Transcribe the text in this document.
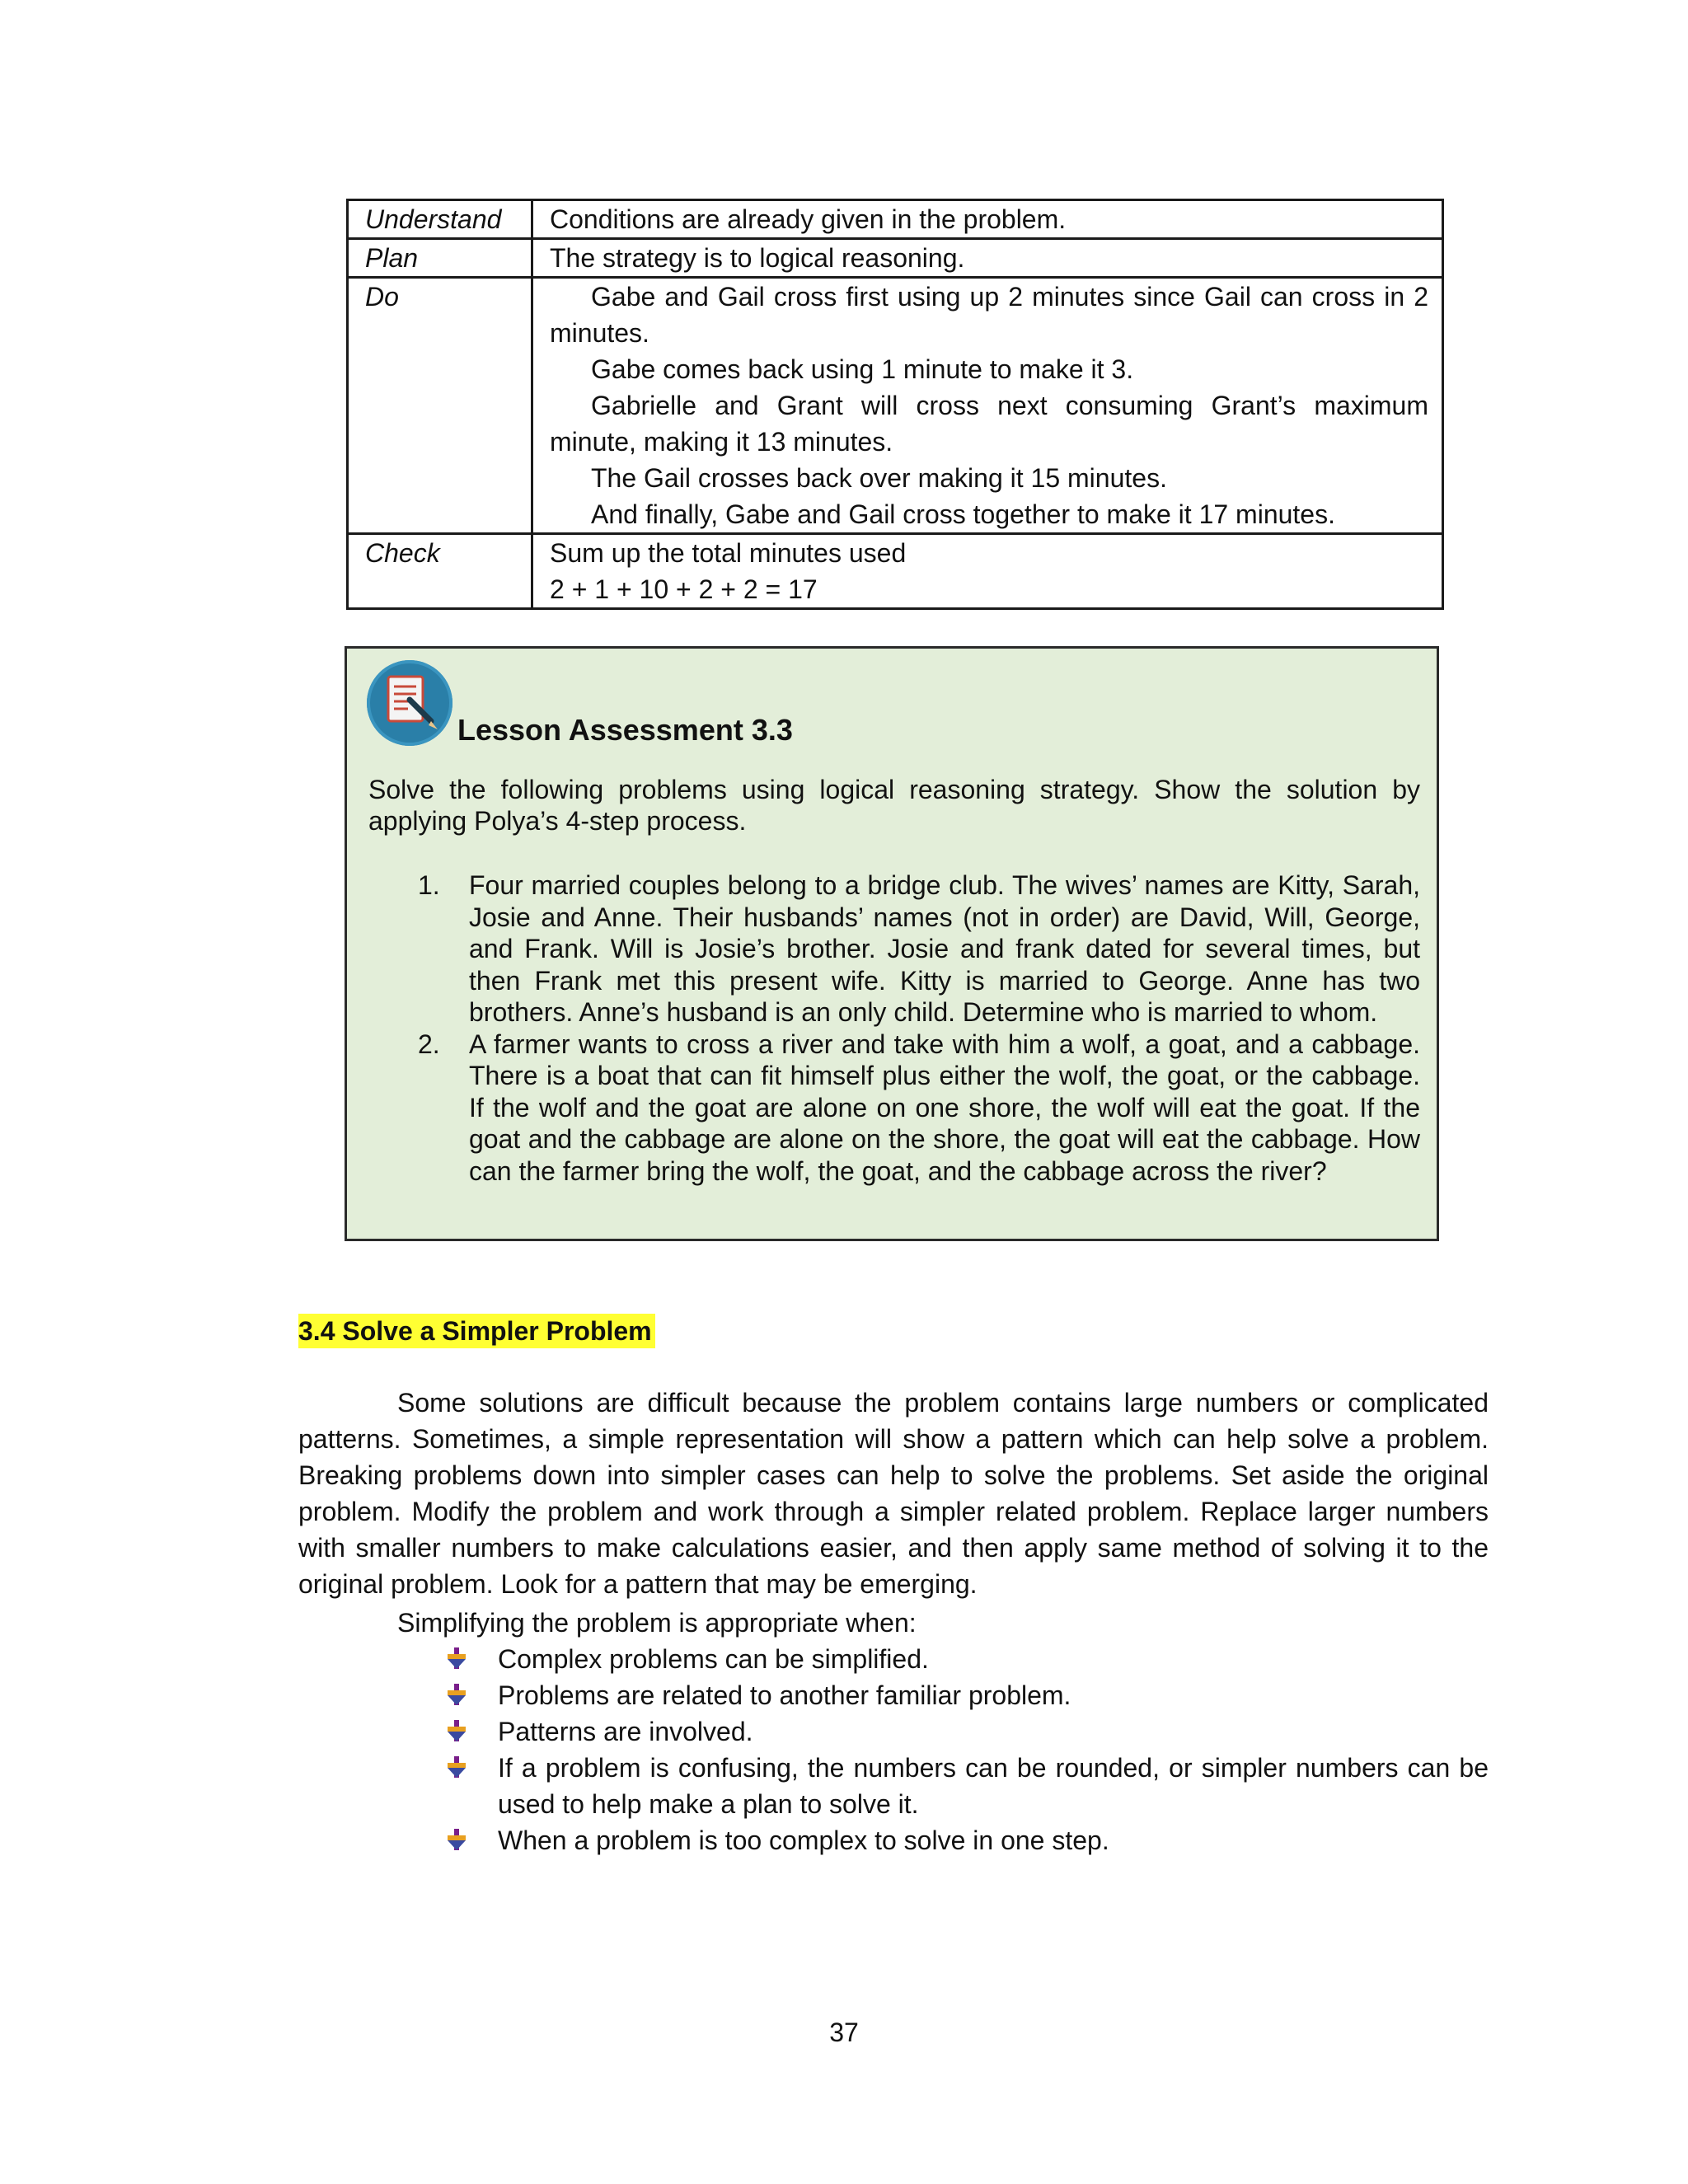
Understand	Conditions are already given in the problem.

Plan	The strategy is to logical reasoning.

Do	Gabe and Gail cross first using up 2 minutes since Gail can cross in 2 minutes.

Gabe comes back using 1 minute to make it 3.

Gabrielle and Grant will cross next consuming Grant’s maximum minute, making it 13 minutes.

The Gail crosses back over making it 15 minutes.

And finally, Gabe and Gail cross together to make it 17 minutes.

Check	Sum up the total minutes used

2 + 1 + 10 + 2 + 2 = 17

Lesson Assessment 3.3
Solve the following problems using logical reasoning strategy. Show the solution by applying Polya’s 4-step process.
1. Four married couples belong to a bridge club. The wives’ names are Kitty, Sarah, Josie and Anne. Their husbands’ names (not in order) are David, Will, George, and Frank. Will is Josie’s brother. Josie and frank dated for several times, but then Frank met this present wife. Kitty is married to George. Anne has two brothers. Anne’s husband is an only child. Determine who is married to whom.
2. A farmer wants to cross a river and take with him a wolf, a goat, and a cabbage. There is a boat that can fit himself plus either the wolf, the goat, or the cabbage. If the wolf and the goat are alone on one shore, the wolf will eat the goat. If the goat and the cabbage are alone on the shore, the goat will eat the cabbage. How can the farmer bring the wolf, the goat, and the cabbage across the river?
3.4 Solve a Simpler Problem

Some solutions are difficult because the problem contains large numbers or complicated patterns. Sometimes, a simple representation will show a pattern which can help solve a problem. Breaking problems down into simpler cases can help to solve the problems. Set aside the original problem. Modify the problem and work through a simpler related problem. Replace larger numbers with smaller numbers to make calculations easier, and then apply same method of solving it to the original problem. Look for a pattern that may be emerging.

Simplifying the problem is appropriate when:
Complex problems can be simplified.
Problems are related to another familiar problem.
Patterns are involved.
If a problem is confusing, the numbers can be rounded, or simpler numbers can be used to help make a plan to solve it.
When a problem is too complex to solve in one step.
37
